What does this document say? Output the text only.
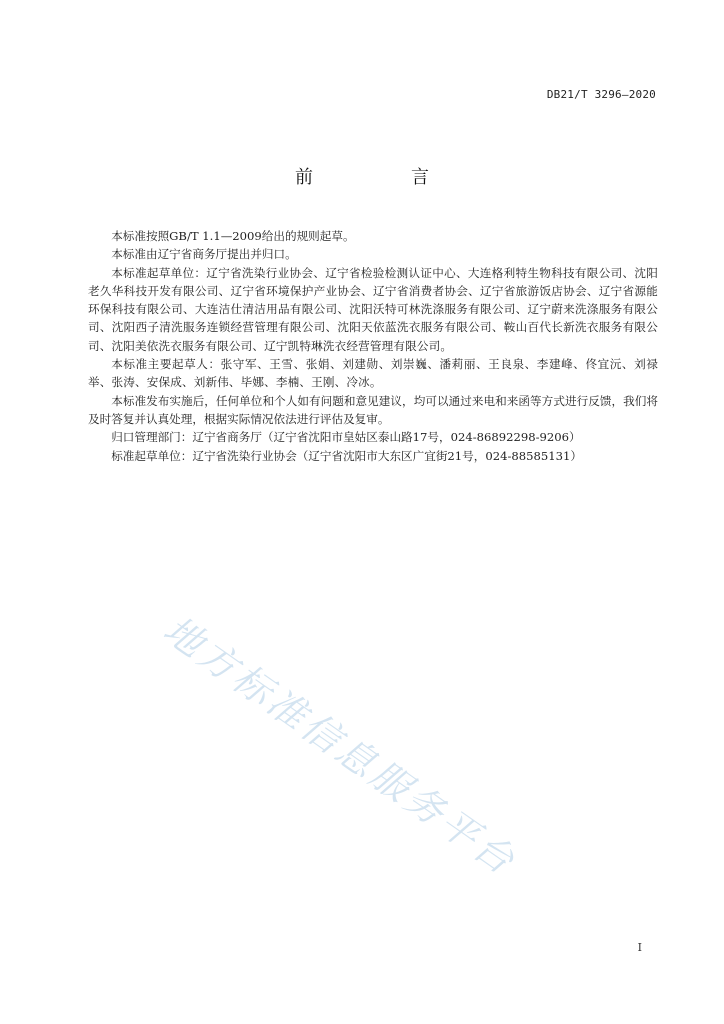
DB21/T 3296—2020
前　言

本标准按照GB/T 1.1—2009给出的规则起草。

本标准由辽宁省商务厅提出并归口。

本标准起草单位：辽宁省洗染行业协会、辽宁省检验检测认证中心、大连格利特生物科技有限公司、沈阳老久华科技开发有限公司、辽宁省环境保护产业协会、辽宁省消费者协会、辽宁省旅游饭店协会、辽宁省源能环保科技有限公司、大连洁仕清洁用品有限公司、沈阳沃特可林洗涤服务有限公司、辽宁蔚来洗涤服务有限公司、沈阳西子清洗服务连锁经营管理有限公司、沈阳天依蓝洗衣服务有限公司、鞍山百代长新洗衣服务有限公司、沈阳美依洗衣服务有限公司、辽宁凯特琳洗衣经营管理有限公司。

本标准主要起草人：张守军、王雪、张娟、刘建勋、刘崇巍、潘莉丽、王良泉、李建峰、佟宜沅、刘禄举、张涛、安保成、刘新伟、毕娜、李楠、王刚、冷冰。

本标准发布实施后，任何单位和个人如有问题和意见建议，均可以通过来电和来函等方式进行反馈，我们将及时答复并认真处理，根据实际情况依法进行评估及复审。

归口管理部门：辽宁省商务厅（辽宁省沈阳市皇姑区泰山路17号，024-86892298-9206）

标准起草单位：辽宁省洗染行业协会（辽宁省沈阳市大东区广宜街21号，024-88585131）

地方标准信息服务平台
I
